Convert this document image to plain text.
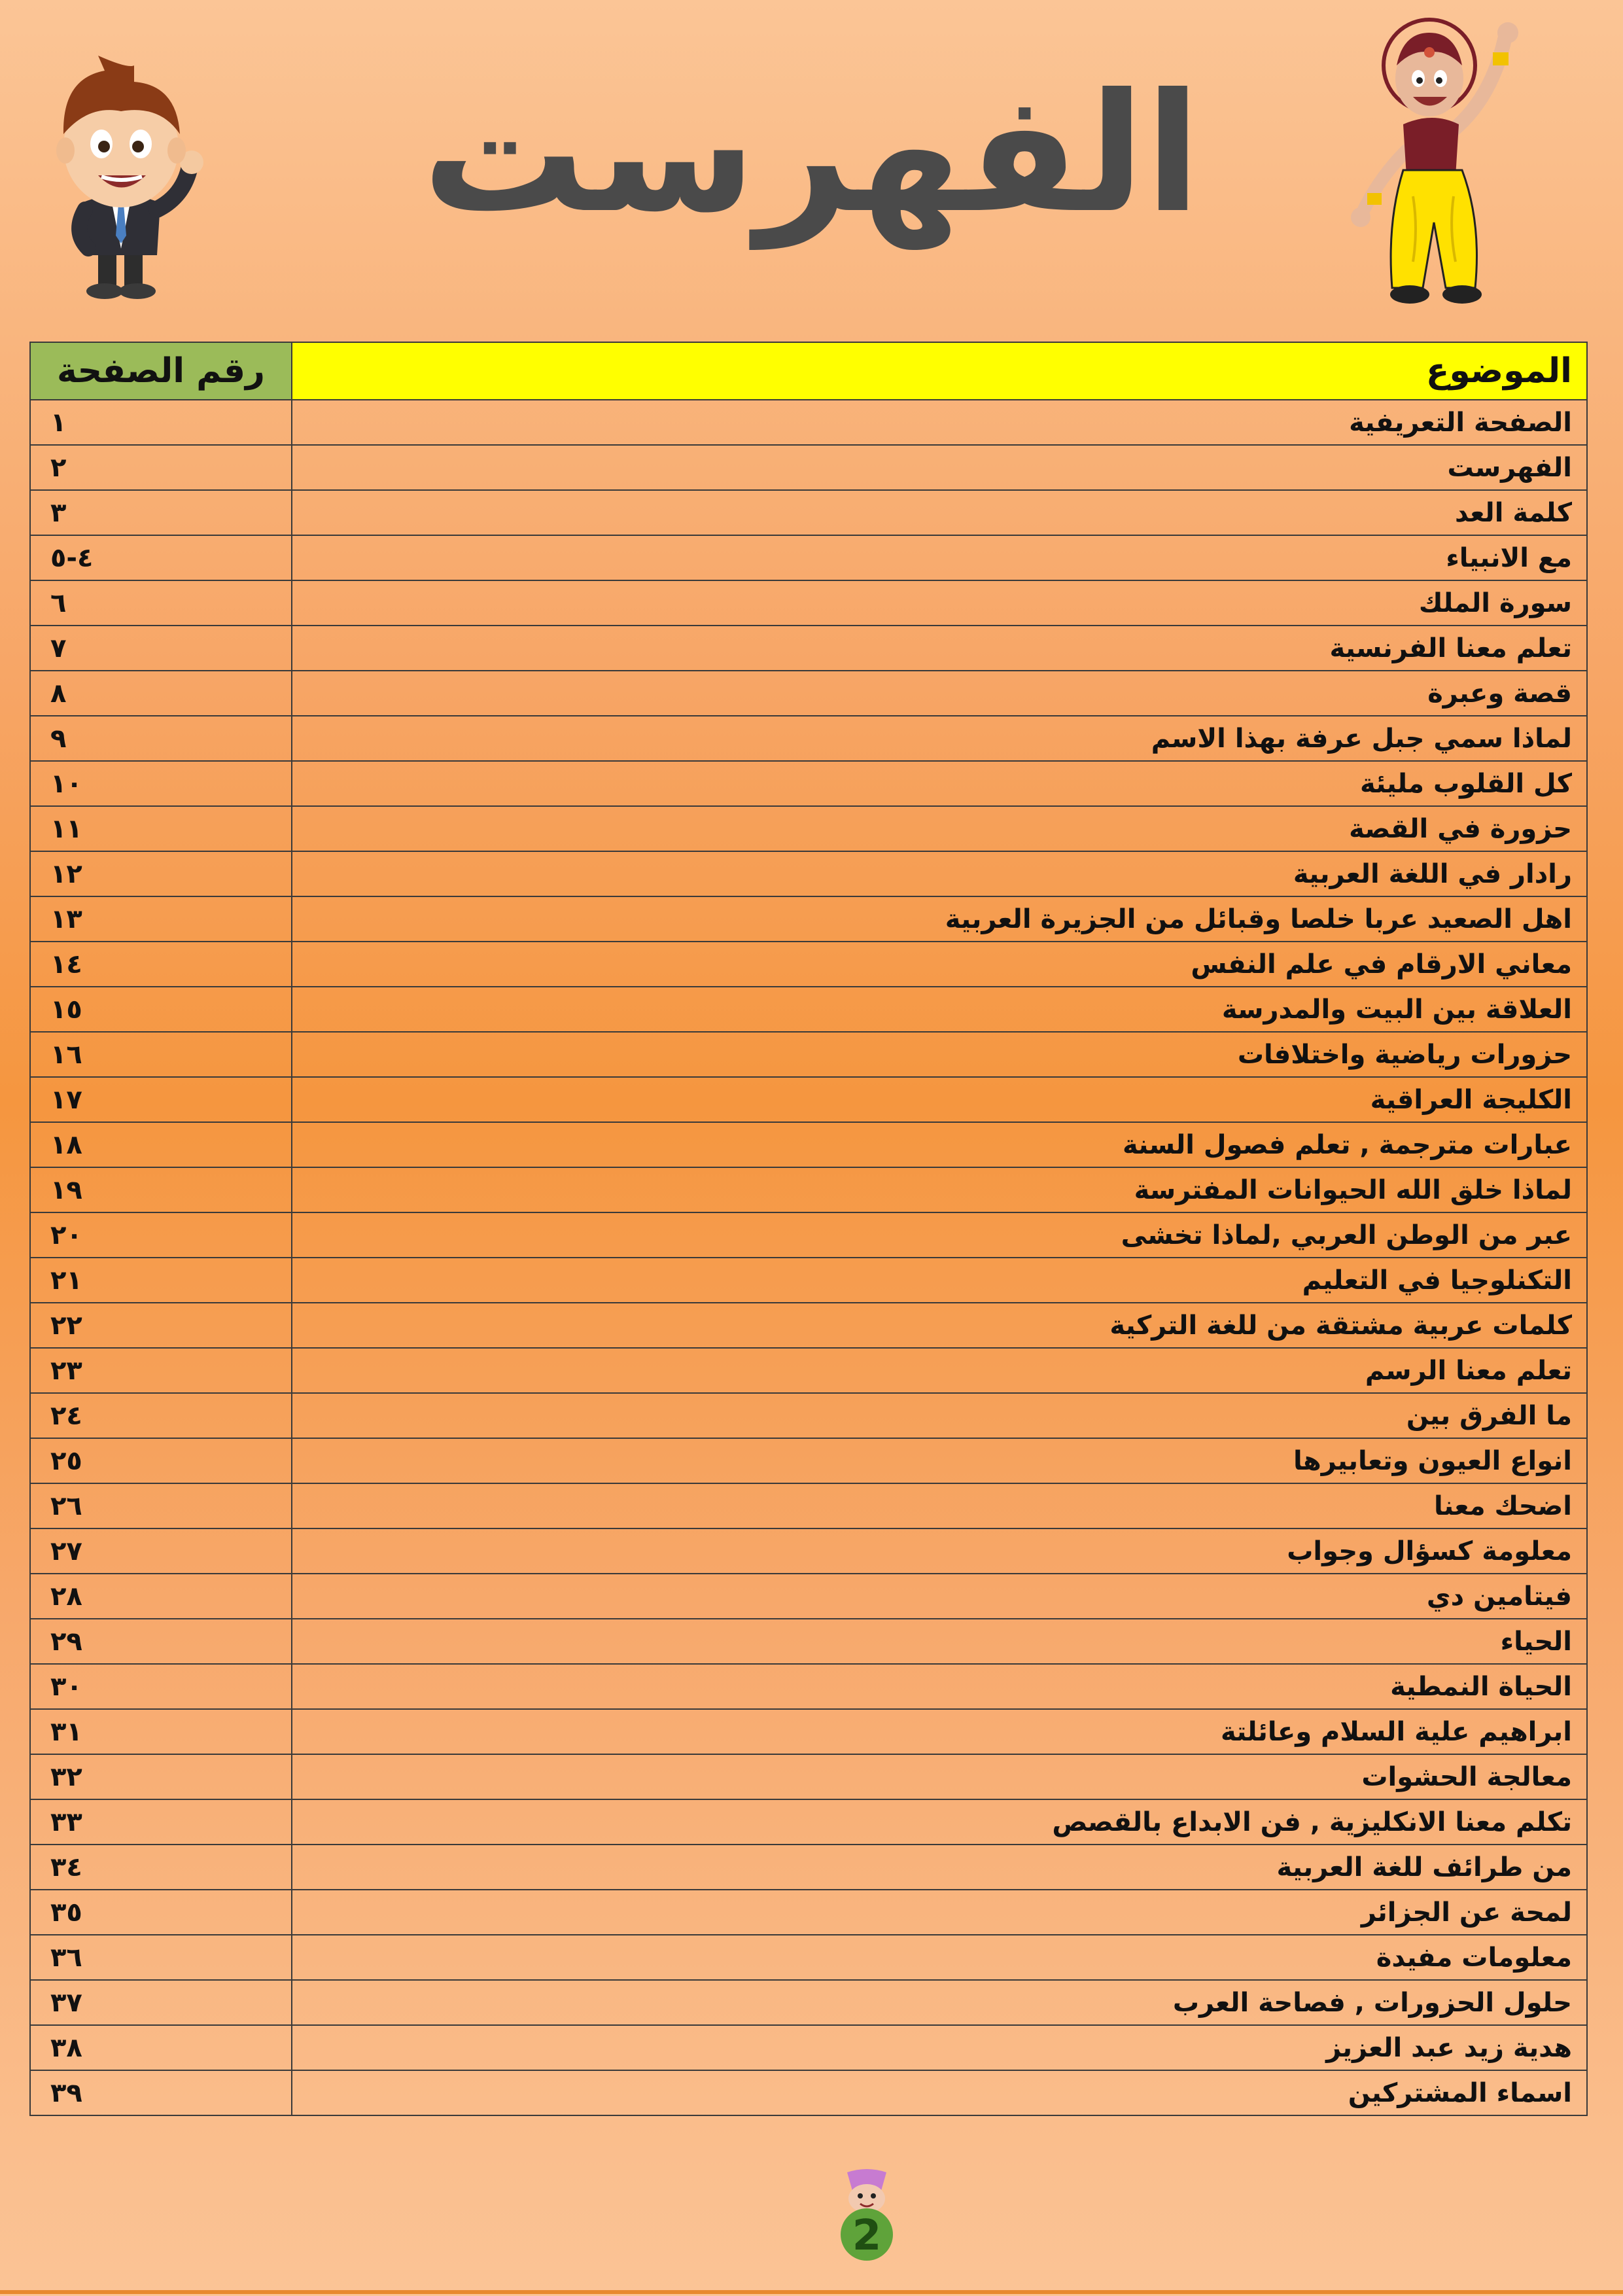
الفهرست
الموضوع	رقم الصفحة
الصفحة التعريفية	١
الفهرست	٢
كلمة العد	٣
مع الانبياء	٤-٥
سورة الملك	٦
تعلم معنا الفرنسية	٧
قصة وعبرة	٨
لماذا سمي جبل عرفة بهذا الاسم	٩
كل القلوب مليئة	١٠
حزورة في القصة	١١
رادار في اللغة العربية	١٢
اهل الصعيد عربا خلصا وقبائل من الجزيرة العربية	١٣
معاني الارقام في علم النفس	١٤
العلاقة بين البيت والمدرسة	١٥
حزورات رياضية واختلافات	١٦
الكليجة العراقية	١٧
عبارات مترجمة , تعلم فصول السنة	١٨
لماذا خلق الله الحيوانات المفترسة	١٩
عبر من الوطن العربي ,لماذا تخشى	٢٠
التكنلوجيا في التعليم	٢١
كلمات عربية مشتقة من للغة التركية	٢٢
تعلم معنا الرسم	٢٣
ما الفرق بين	٢٤
انواع العيون وتعابيرها	٢٥
اضحك معنا	٢٦
معلومة كسؤال وجواب	٢٧
فيتامين دي	٢٨
الحياء	٢٩
الحياة النمطية	٣٠
ابراهيم علية السلام وعائلتة	٣١
معالجة الحشوات	٣٢
تكلم معنا الانكليزية , فن الابداع بالقصص	٣٣
من طرائف للغة العربية	٣٤
لمحة عن الجزائر	٣٥
معلومات مفيدة	٣٦
حلول الحزورات , فصاحة العرب	٣٧
هدية زيد عبد العزيز	٣٨
اسماء المشتركين	٣٩
2
